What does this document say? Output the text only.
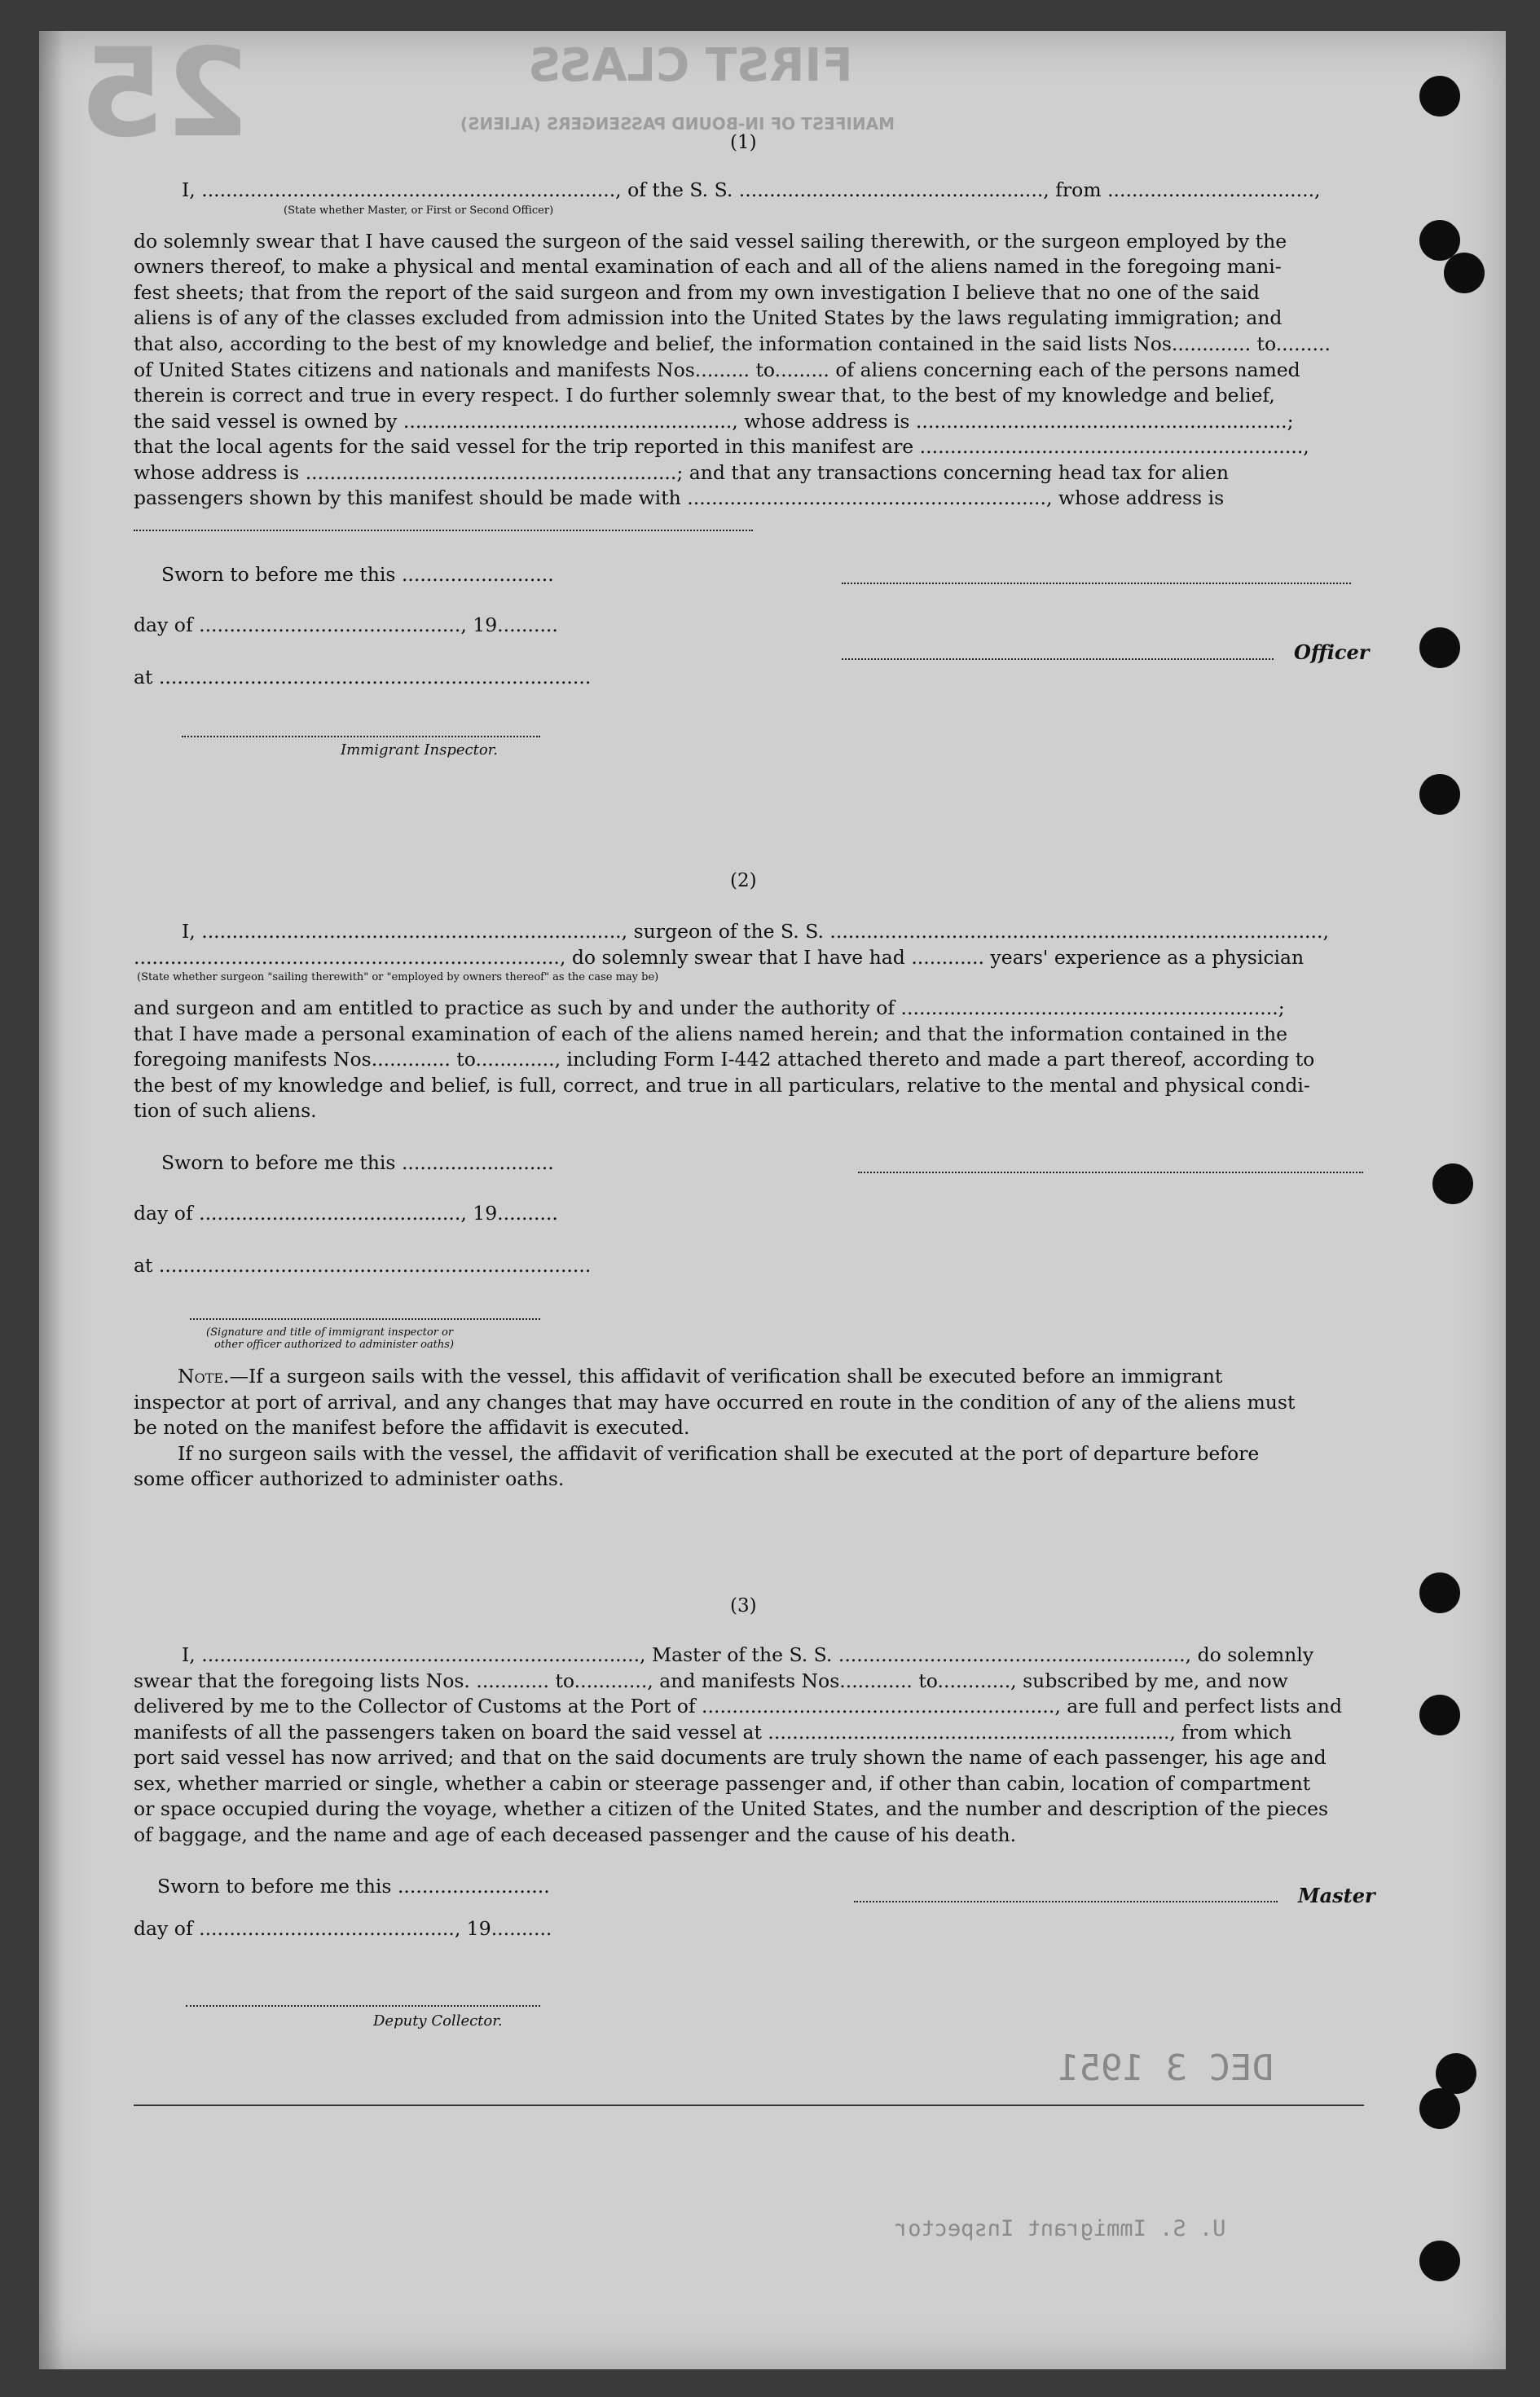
25	FIRST CLASS
MANIFEST OF IN-BOUND PASSENGERS (ALIENS)
(1)
I, ...................................................................., of the S. S. .................................................., from ..................................,
(State whether Master, or First or Second Officer)
do solemnly swear that I have caused the surgeon of the said vessel sailing therewith, or the surgeon employed by the
owners thereof, to make a physical and mental examination of each and all of the aliens named in the foregoing mani-
fest sheets; that from the report of the said surgeon and from my own investigation I believe that no one of the said
aliens is of any of the classes excluded from admission into the United States by the laws regulating immigration; and
that also, according to the best of my knowledge and belief, the information contained in the said lists Nos............. to.........
of United States citizens and nationals and manifests Nos......... to......... of aliens concerning each of the persons named
therein is correct and true in every respect. I do further solemnly swear that, to the best of my knowledge and belief,
the said vessel is owned by ......................................................, whose address is .............................................................;
that the local agents for the said vessel for the trip reported in this manifest are ...............................................................,
whose address is .............................................................; and that any transactions concerning head tax for alien
passengers shown by this manifest should be made with ..........................................................., whose address is
Sworn to before me this .........................
day of ..........................................., 19..........
at .......................................................................
Immigrant Inspector.
Officer
(2)
I, ....................................................................., surgeon of the S. S. .................................................................................,
......................................................................, do solemnly swear that I have had ............ years' experience as a physician
(State whether surgeon "sailing therewith" or "employed by owners thereof" as the case may be)
and surgeon and am entitled to practice as such by and under the authority of ..............................................................;
that I have made a personal examination of each of the aliens named herein; and that the information contained in the
foregoing manifests Nos............. to............., including Form I-442 attached thereto and made a part thereof, according to
the best of my knowledge and belief, is full, correct, and true in all particulars, relative to the mental and physical condi-
tion of such aliens.
Sworn to before me this .........................
day of ..........................................., 19..........
at .......................................................................
(Signature and title of immigrant inspector or
other officer authorized to administer oaths)
Note.—If a surgeon sails with the vessel, this affidavit of verification shall be executed before an immigrant
inspector at port of arrival, and any changes that may have occurred en route in the condition of any of the aliens must
be noted on the manifest before the affidavit is executed.
If no surgeon sails with the vessel, the affidavit of verification shall be executed at the port of departure before
some officer authorized to administer oaths.
(3)
I, ........................................................................, Master of the S. S. ........................................................., do solemnly
swear that the foregoing lists Nos. ............ to............, and manifests Nos............ to............, subscribed by me, and now
delivered by me to the Collector of Customs at the Port of .........................................................., are full and perfect lists and
manifests of all the passengers taken on board the said vessel at .................................................................., from which
port said vessel has now arrived; and that on the said documents are truly shown the name of each passenger, his age and
sex, whether married or single, whether a cabin or steerage passenger and, if other than cabin, location of compartment
or space occupied during the voyage, whether a citizen of the United States, and the number and description of the pieces
of baggage, and the name and age of each deceased passenger and the cause of his death.
Sworn to before me this .........................
day of .........................................., 19..........
Deputy Collector.
Master
DEC 3 1951
U. S. Immigrant Inspector
